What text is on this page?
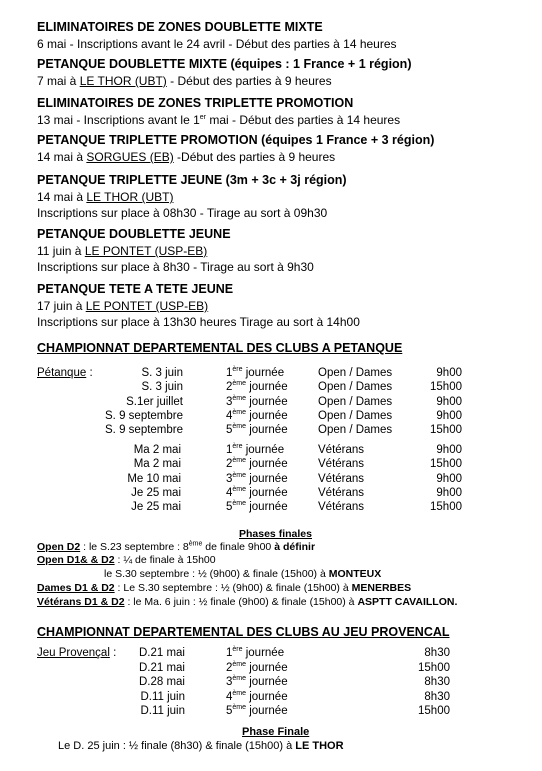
ELIMINATOIRES DE ZONES DOUBLETTE MIXTE
6 mai - Inscriptions avant le 24 avril - Début des parties à 14 heures
PETANQUE DOUBLETTE MIXTE (équipes : 1 France + 1 région)
7 mai à LE THOR (UBT) - Début des parties à 9 heures
ELIMINATOIRES DE ZONES TRIPLETTE PROMOTION
13 mai - Inscriptions avant le 1er mai - Début des parties à 14 heures
PETANQUE TRIPLETTE PROMOTION (équipes 1 France + 3 région)
14 mai à SORGUES (EB) -Début des parties à 9 heures
PETANQUE TRIPLETTE JEUNE (3m + 3c + 3j région)
14 mai à LE THOR (UBT)
Inscriptions sur place à 08h30 - Tirage au sort à 09h30
PETANQUE DOUBLETTE JEUNE
11 juin à LE PONTET (USP-EB)
Inscriptions sur place à 8h30 - Tirage au sort à 9h30
PETANQUE TETE A TETE JEUNE
17 juin à LE PONTET (USP-EB)
Inscriptions sur place à 13h30 heures Tirage au sort à 14h00
CHAMPIONNAT DEPARTEMENTAL DES CLUBS A PETANQUE
Pétanque :	S. 3 juin	1ère journée	Open / Dames	9h00
S. 3 juin	2ème journée	Open / Dames	15h00
S.1er juillet	3ème journée	Open / Dames	9h00
S. 9 septembre	4ème journée	Open / Dames	9h00
S. 9 septembre	5ème journée	Open / Dames	15h00
Ma 2 mai	1ère journée	Vétérans	9h00
Ma 2 mai	2ème journée	Vétérans	15h00
Me 10 mai	3ème journée	Vétérans	9h00
Je 25 mai	4ème journée	Vétérans	9h00
Je 25 mai	5ème journée	Vétérans	15h00
Phases finales
Open D2 : le S.23 septembre : 8ème de finale 9h00 à définir
Open D1& & D2 : ¼ de finale à 15h00
le S.30 septembre : ½ (9h00) & finale (15h00) à MONTEUX
Dames D1 & D2 : Le S.30 septembre : ½ (9h00) & finale (15h00) à MENERBES
Vétérans D1 & D2 : le Ma. 6 juin : ½ finale (9h00) & finale (15h00) à ASPTT CAVAILLON.
CHAMPIONNAT DEPARTEMENTAL DES CLUBS AU JEU PROVENCAL
Jeu Provençal : D.21 mai	1ère journée	8h30
D.21 mai	2ème journée	15h00
D.28 mai	3ème journée	8h30
D.11 juin	4ème journée	8h30
D.11 juin	5ème journée	15h00
Phase Finale
Le D. 25 juin : ½ finale (8h30) & finale (15h00) à LE THOR
